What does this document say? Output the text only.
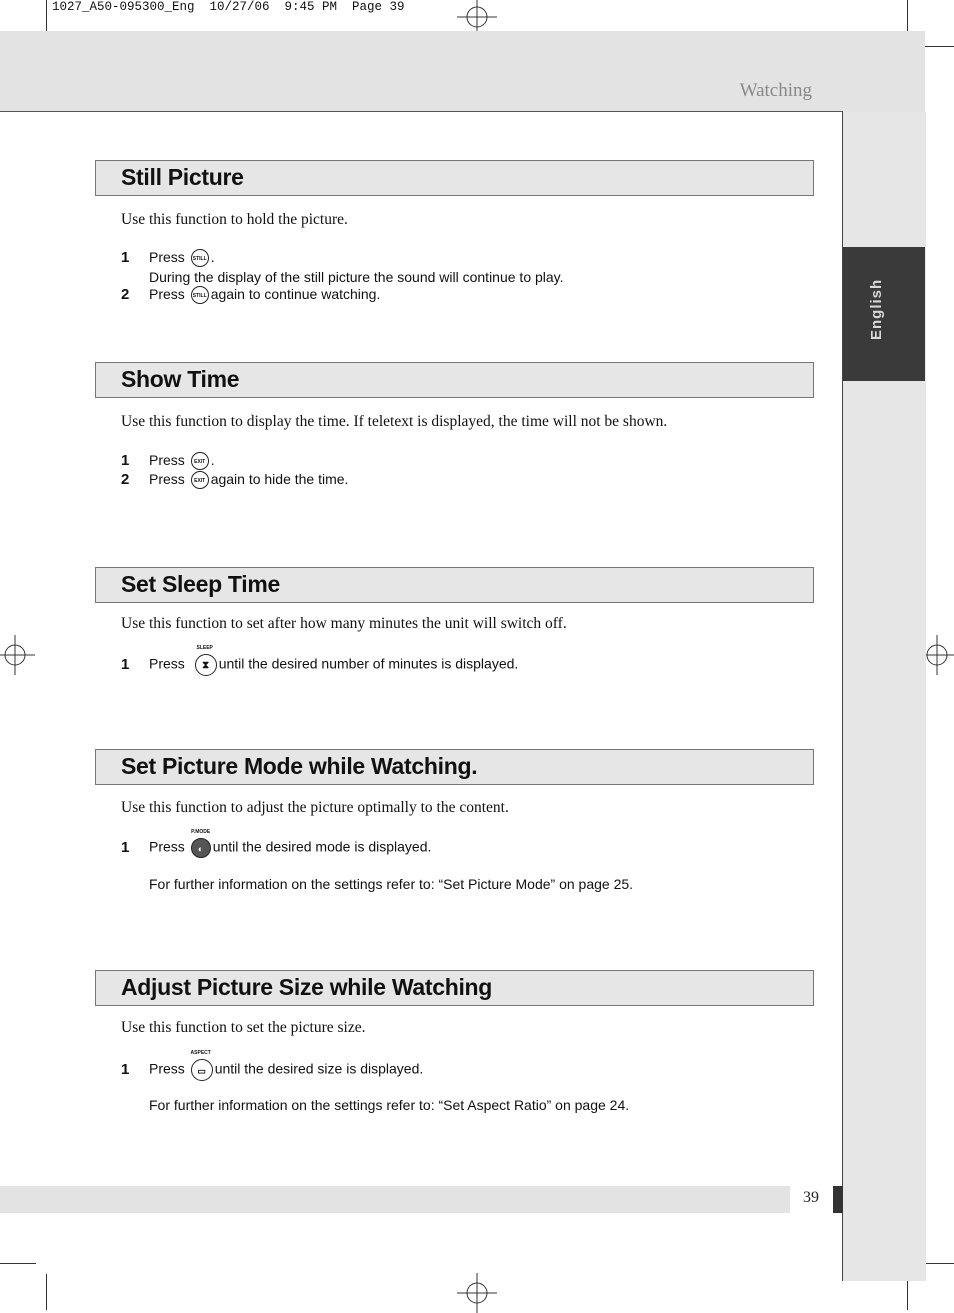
1027_A50-095300_Eng  10/27/06  9:45 PM  Page 39
Watching
English
Still Picture
Use this function to hold the picture.
1 Press STILL .
During the display of the still picture the sound will continue to play.
2 Press STILL again to continue watching.
Show Time
Use this function to display the time. If teletext is displayed, the time will not be shown.
1 Press EXIT .
2 Press EXIT again to hide the time.
Set Sleep Time
Use this function to set after how many minutes the unit will switch off.
1 Press
SLEEP
⧗ until the desired number of minutes is displayed.
Set Picture Mode while Watching.
Use this function to adjust the picture optimally to the content.
1 Press
P.MODE
◐ until the desired mode is displayed.
For further information on the settings refer to: “Set Picture Mode” on page 25.
Adjust Picture Size while Watching
Use this function to set the picture size.
1 Press
ASPECT
▭ until the desired size is displayed.
For further information on the settings refer to: “Set Aspect Ratio” on page 24.
39
